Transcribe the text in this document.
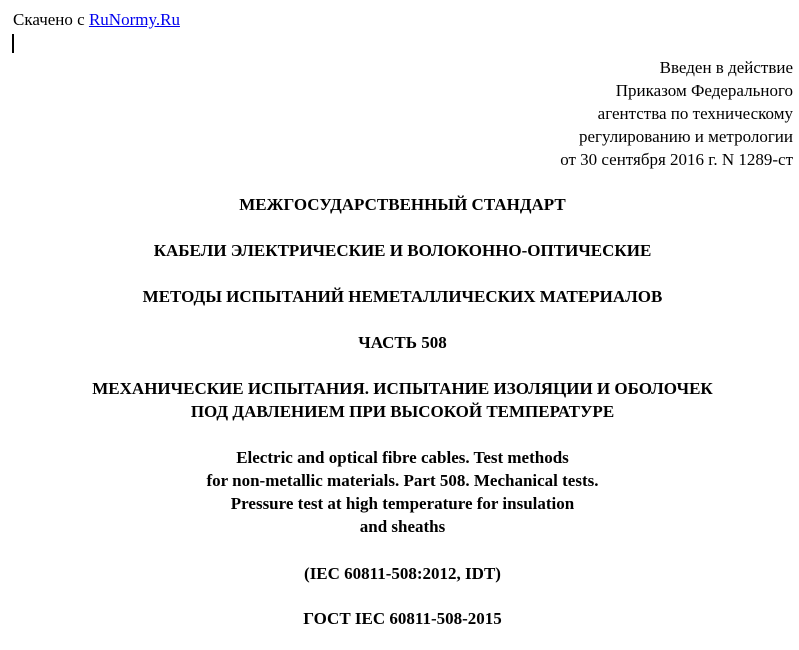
Скачено с RuNormy.Ru
Введен в действие
Приказом Федерального
агентства по техническому
регулированию и метрологии
от 30 сентября 2016 г. N 1289-ст
МЕЖГОСУДАРСТВЕННЫЙ СТАНДАРТ
КАБЕЛИ ЭЛЕКТРИЧЕСКИЕ И ВОЛОКОННО-ОПТИЧЕСКИЕ
МЕТОДЫ ИСПЫТАНИЙ НЕМЕТАЛЛИЧЕСКИХ МАТЕРИАЛОВ
ЧАСТЬ 508
МЕХАНИЧЕСКИЕ ИСПЫТАНИЯ. ИСПЫТАНИЕ ИЗОЛЯЦИИ И ОБОЛОЧЕК
ПОД ДАВЛЕНИЕМ ПРИ ВЫСОКОЙ ТЕМПЕРАТУРЕ
Electric and optical fibre cables. Test methods
for non-metallic materials. Part 508. Mechanical tests.
Pressure test at high temperature for insulation
and sheaths
(IEC 60811-508:2012, IDT)
ГОСТ IEC 60811-508-2015
